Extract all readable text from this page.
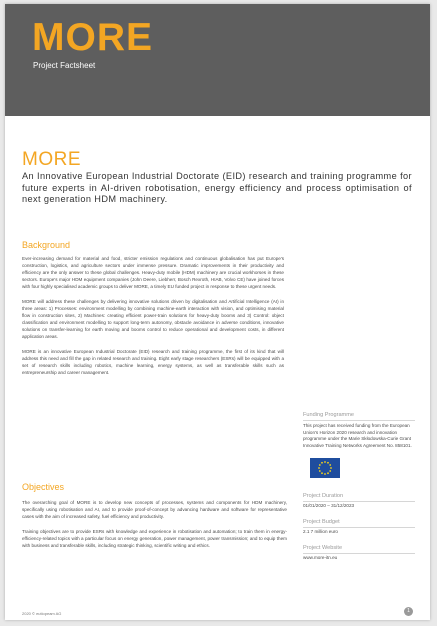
MORE
Project Factsheet
MORE
An Innovative European Industrial Doctorate (EID) research and training programme for future experts in AI-driven robotisation, energy efficiency and process optimisation of next generation HDM machinery.
Background

Ever-increasing demand for material and food, stricter emission regulations and continuous globalisation has put Europe's construction, logistics, and agriculture sectors under immense pressure. Dramatic improvements in their productivity and efficiency are the only answer to these global challenges. Heavy-duty mobile (HDM) machinery are crucial workhorses in these sectors. Europe's major HDM equipment companies (John Deere, Liebherr, Bosch Rexroth, HIAB, Volvo CE) have joined forces with four highly specialised academic groups to deliver MORE, a timely EU funded project in response to these urgent needs.

MORE will address these challenges by delivering innovative solutions driven by digitalisation and Artificial Intelligence (AI) in three areas: 1) Processes: environment modelling by combining machine-earth interaction with vision, and optimising material flow in construction sites, 2) Machines: creating efficient power-train solutions for heavy-duty booms and 3) Control: object classification and environment modelling to support long-term autonomy, obstacle avoidance in adverse conditions, innovative solutions on transfer-learning for earth moving and booms control to reduce operational and development costs, in different application areas.

MORE is an innovative European Industrial Doctorate (EID) research and training programme, the first of its kind that will address this need and fill the gap in related research and training. Eight early stage researchers (ESRs) will be equipped with a set of research skills including robotics, machine learning, energy systems, as well as transferable skills such as entrepreneurship and career management.

Objectives

The overarching goal of MORE is to develop new concepts of processes, systems and components for HDM machinery, specifically using robotisation and AI, and to provide proof-of-concept by advancing hardware and software for representative cases with the aim of increased safety, fuel efficiency and productivity.

Training objectives are to provide ESRs with knowledge and experience in robotisation and automation; to train them in energy-efficiency-related topics with a particular focus on energy generation, power management, power transmission; and to equip them with business and transferable skills, including strategic thinking, scientific writing and ethics.

Funding Programme
This project has received funding from the European Union's Horizon 2020 research and innovation programme under the Marie Skłodowska-Curie Grant Innovative Training Networks Agreement No. 858101.
Project Duration
01/01/2020 – 31/12/2023
Project Budget
2.1 7 million euro
Project Website
www.more-itn.eu
2020 © eutiopeam AG	1
